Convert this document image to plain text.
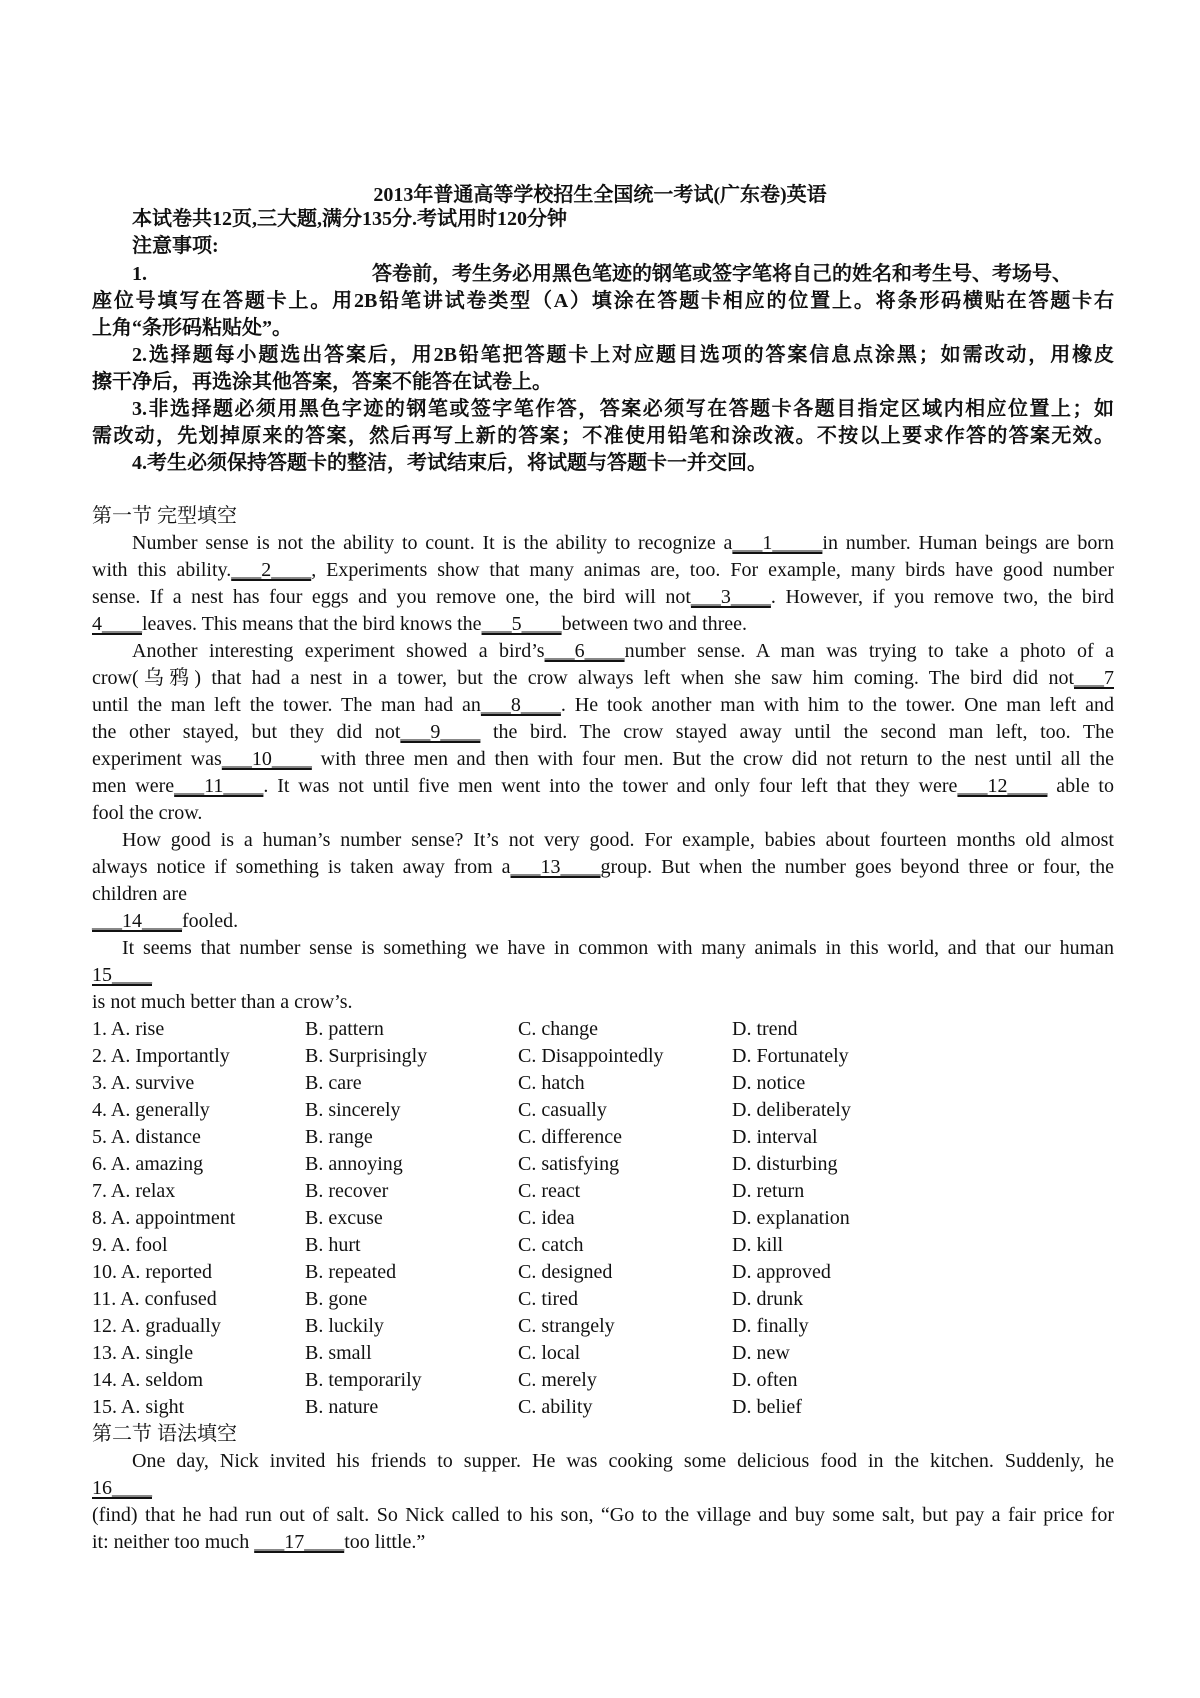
2013年普通高等学校招生全国统一考试(广东卷)英语
本试卷共12页,三大题,满分135分.考试用时120分钟
注意事项:
1.	答卷前，考生务必用黑色笔迹的钢笔或签字笔将自己的姓名和考生号、考场号、
座位号填写在答题卡上。用2B铅笔讲试卷类型（A）填涂在答题卡相应的位置上。将条形码横贴在答题卡右
上角“条形码粘贴处”。
2.选择题每小题选出答案后，用2B铅笔把答题卡上对应题目选项的答案信息点涂黑；如需改动，用橡皮
擦干净后，再选涂其他答案，答案不能答在试卷上。
3.非选择题必须用黑色字迹的钢笔或签字笔作答，答案必须写在答题卡各题目指定区域内相应位置上；如
需改动，先划掉原来的答案，然后再写上新的答案；不准使用铅笔和涂改液。不按以上要求作答的答案无效。
4.考生必须保持答题卡的整洁，考试结束后，将试题与答题卡一并交回。
第一节 完型填空
Number sense is not the ability to count. It is the ability to recognize a___1_____in number. Human beings are born
with this ability.___2____, Experiments show that many animas are, too. For example, many birds have good number
sense. If a nest has four eggs and you remove one, the bird will not___3____. However, if you remove two, the bird
4____leaves. This means that the bird knows the___5____between two and three.
Another interesting experiment showed a bird’s___6____number sense. A man was trying to take a photo of a
crow(乌鸦) that had a nest in a tower, but the crow always left when she saw him coming. The bird did not___7
until the man left the tower. The man had an___8____. He took another man with him to the tower. One man left and
the other stayed, but they did not___9____ the bird. The crow stayed away until the second man left, too. The
experiment was___10____ with three men and then with four men. But the crow did not return to the nest until all the
men were___11____. It was not until five men went into the tower and only four left that they were___12____ able to
fool the crow.
How good is a human’s number sense? It’s not very good. For example, babies about fourteen months old almost
always notice if something is taken away from a___13____group. But when the number goes beyond three or four, the
children are
___14____fooled.
It seems that number sense is something we have in common with many animals in this world, and that our human
15____
is not much better than a crow’s.
1. A. rise	B. pattern	C. change	D. trend
2. A. Importantly	B. Surprisingly	C. Disappointedly	D. Fortunately
3. A. survive	B. care	C. hatch	D. notice
4. A. generally	B. sincerely	C. casually	D. deliberately
5. A. distance	B. range	C. difference	D. interval
6. A. amazing	B. annoying	C. satisfying	D. disturbing
7. A. relax	B. recover	C. react	D. return
8. A. appointment	B. excuse	C. idea	D. explanation
9. A. fool	B. hurt	C. catch	D. kill
10. A. reported	B. repeated	C. designed	D. approved
11. A. confused	B. gone	C. tired	D. drunk
12. A. gradually	B. luckily	C. strangely	D. finally
13. A. single	B. small	C. local	D. new
14. A. seldom	B. temporarily	C. merely	D. often
15. A. sight	B. nature	C. ability	D. belief
第二节 语法填空
One day, Nick invited his friends to supper. He was cooking some delicious food in the kitchen. Suddenly, he
16____
(find) that he had run out of salt. So Nick called to his son, “Go to the village and buy some salt, but pay a fair price for
it: neither too much ___17____too little.”
